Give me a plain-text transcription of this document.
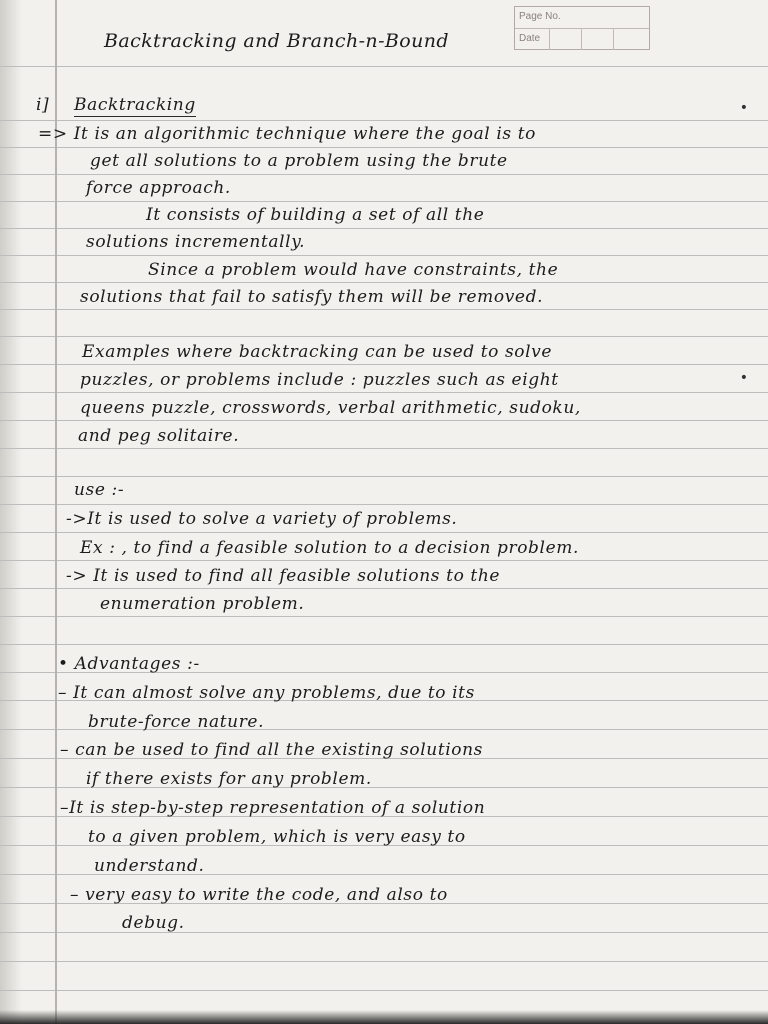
•
•
Page No.
Date
Backtracking and Branch-n-Bound
i] Backtracking
=> It is an algorithmic technique where the goal is to
get all solutions to a problem using the brute
force approach.
It consists of building a set of all the
solutions incrementally.
Since a problem would have constraints, the
solutions that fail to satisfy them will be removed.
Examples where backtracking can be used to solve
puzzles, or problems include : puzzles such as eight
queens puzzle, crosswords, verbal arithmetic, sudoku,
and peg solitaire.
use :-
->It is used to solve a variety of problems.
Ex : , to find a feasible solution to a decision problem.
-> It is used to find all feasible solutions to the
enumeration problem.
• Advantages :-
– It can almost solve any problems, due to its
brute-force nature.
– can be used to find all the existing solutions
if there exists for any problem.
–It is step-by-step representation of a solution
to a given problem, which is very easy to
understand.
– very easy to write the code, and also to
debug.
